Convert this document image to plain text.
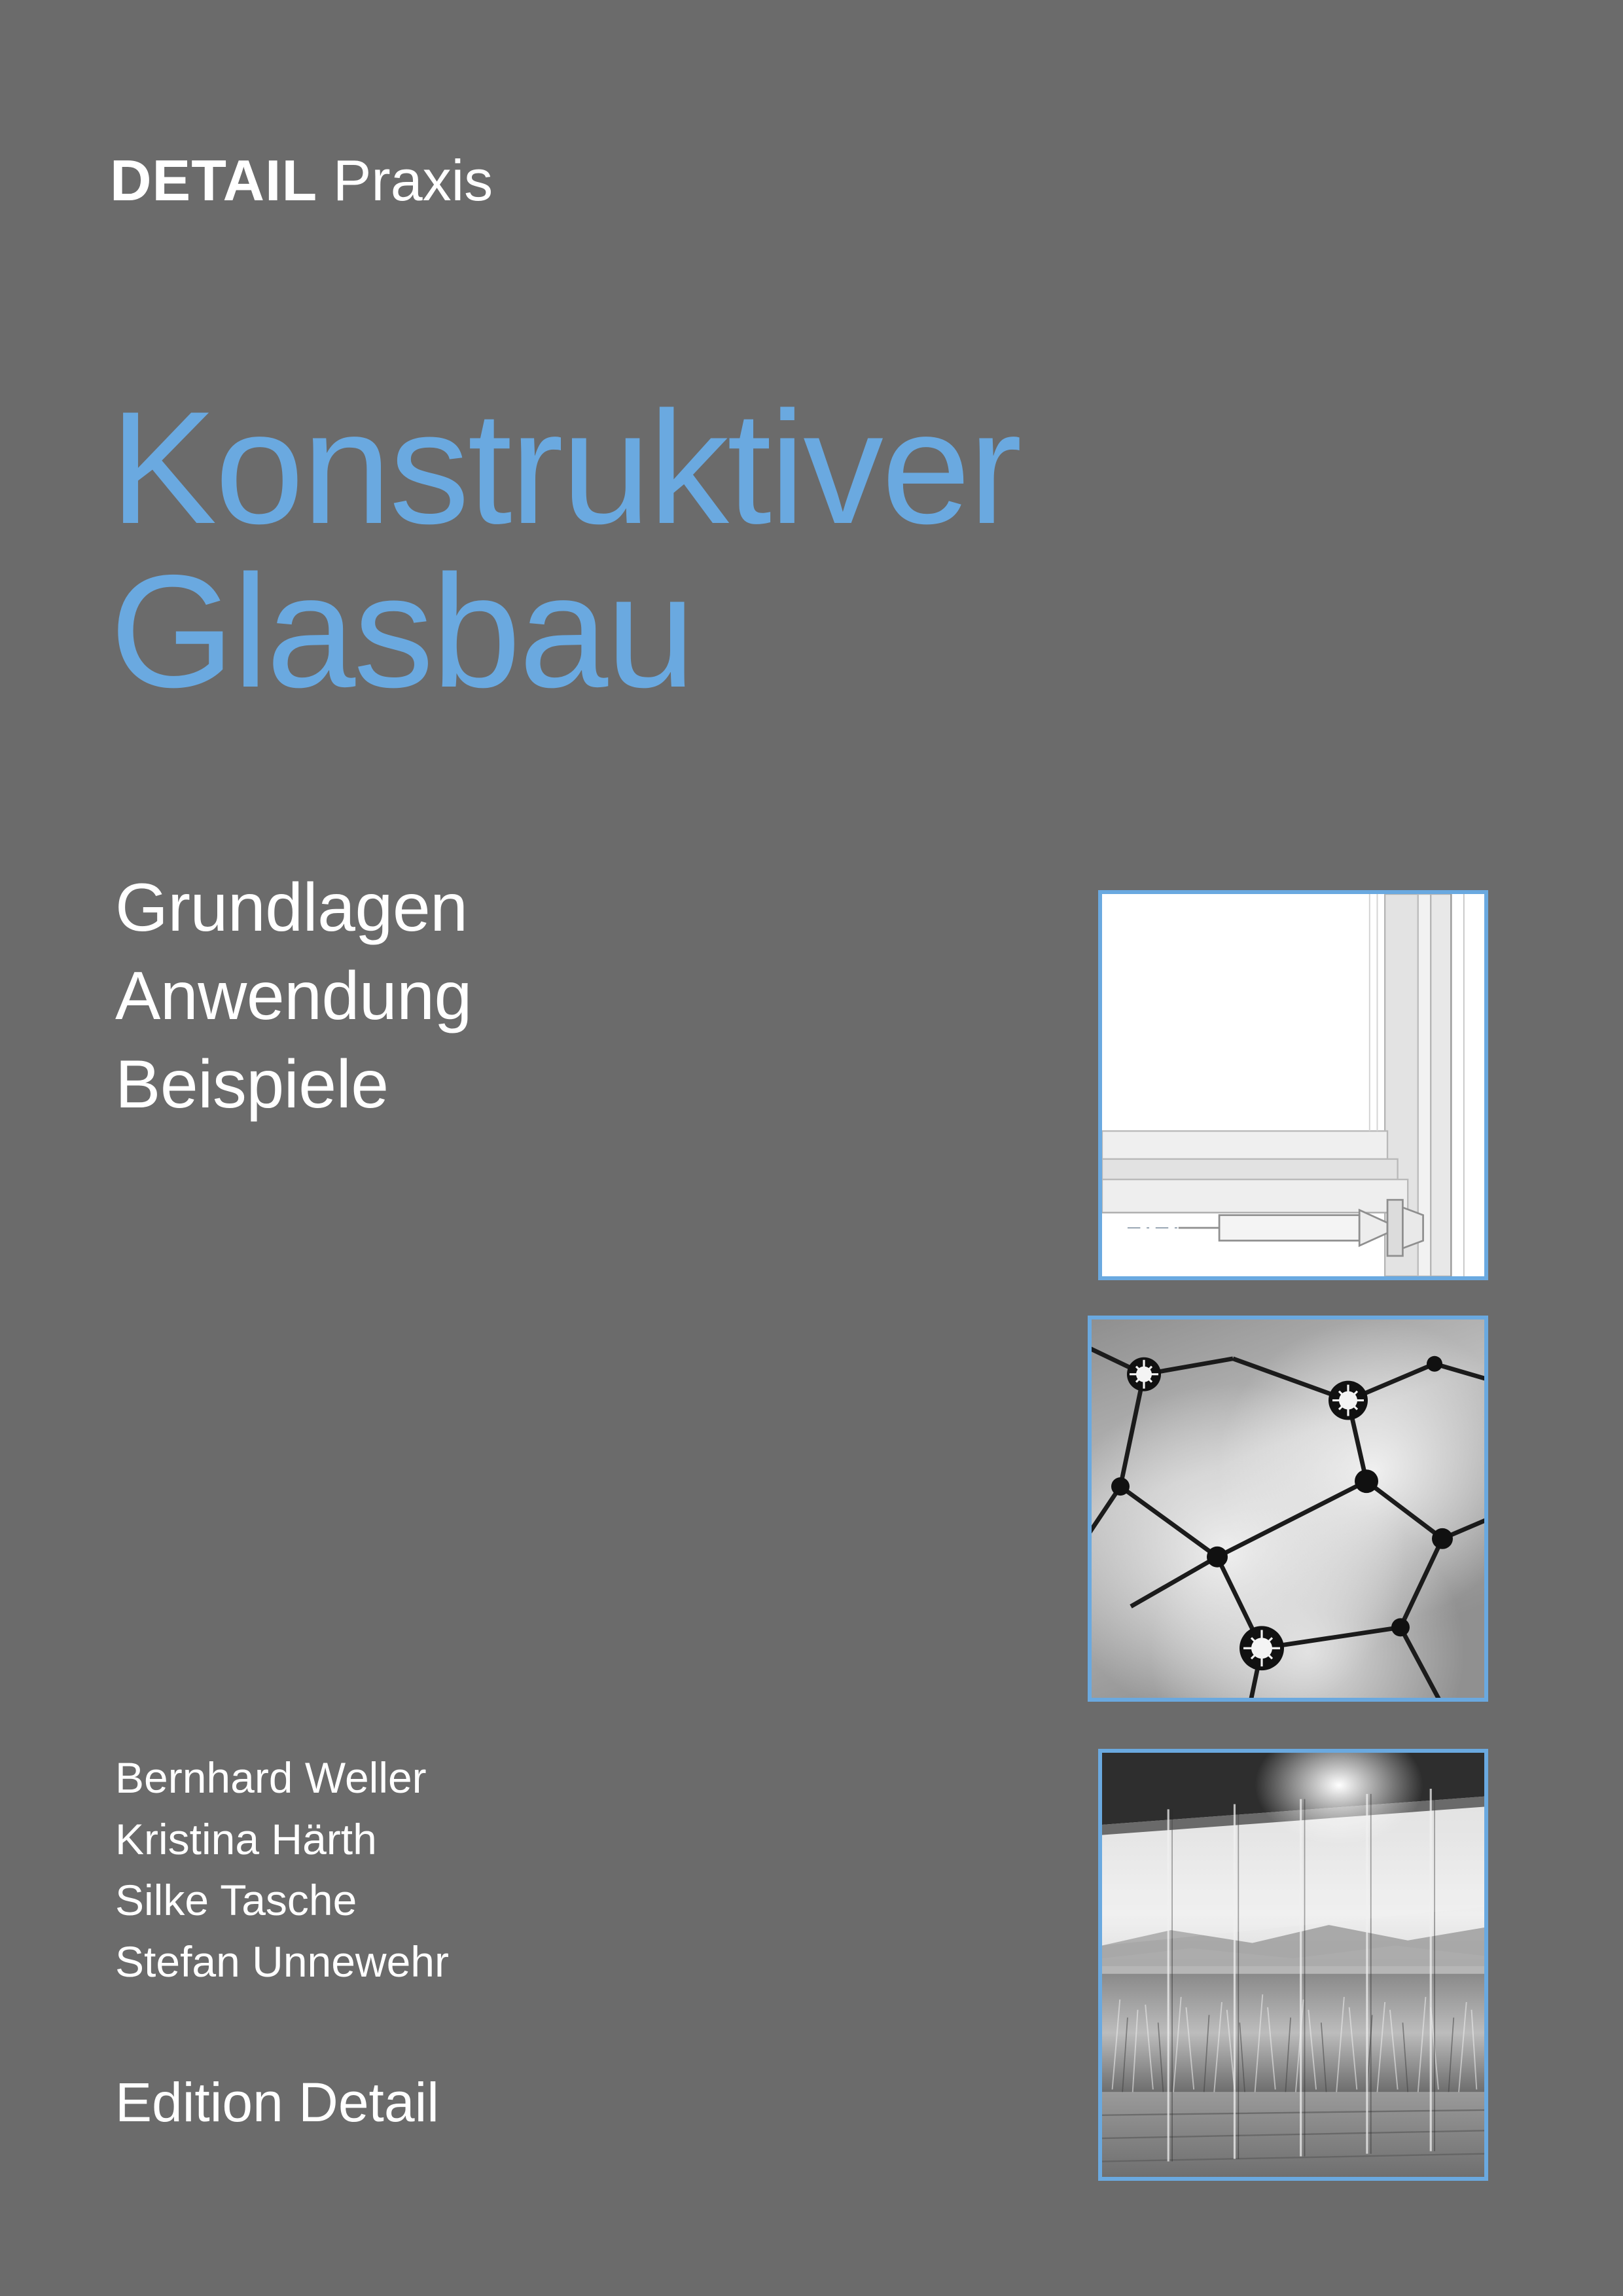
DETAIL Praxis
Konstruktiver
Glasbau
Grundlagen
Anwendung
Beispiele
Bernhard Weller
Kristina Härth
Silke Tasche
Stefan Unnewehr
Edition Detail
